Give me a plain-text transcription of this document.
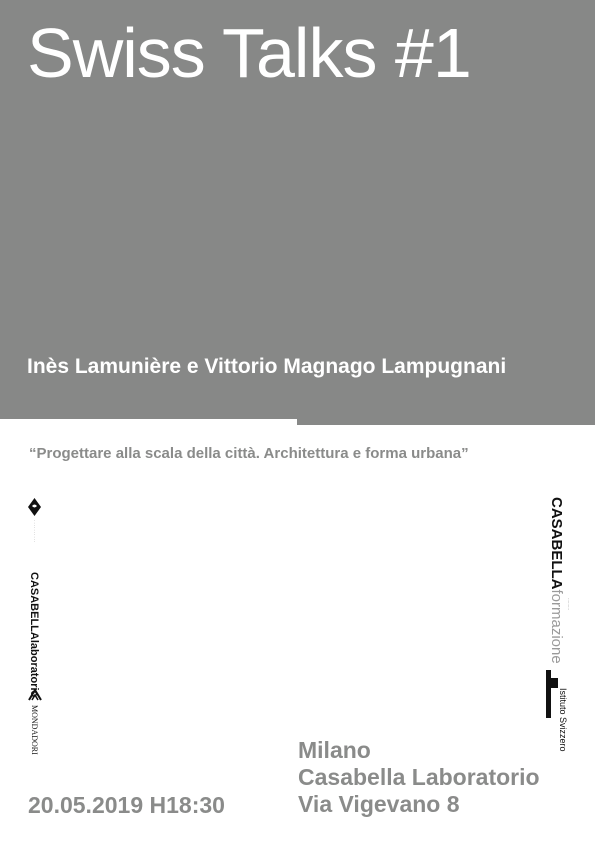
Swiss Talks #1
Inès Lamunière e Vittorio Magnago Lampugnani
“Progettare alla scala della città. Architettura e forma urbana”
··········
CASABELLAlaboratorio
MONDADORI
CASABELLAformazione ·········
Istituto Svizzero
20.05.2019 H18:30
Milano
Casabella Laboratorio
Via Vigevano 8
